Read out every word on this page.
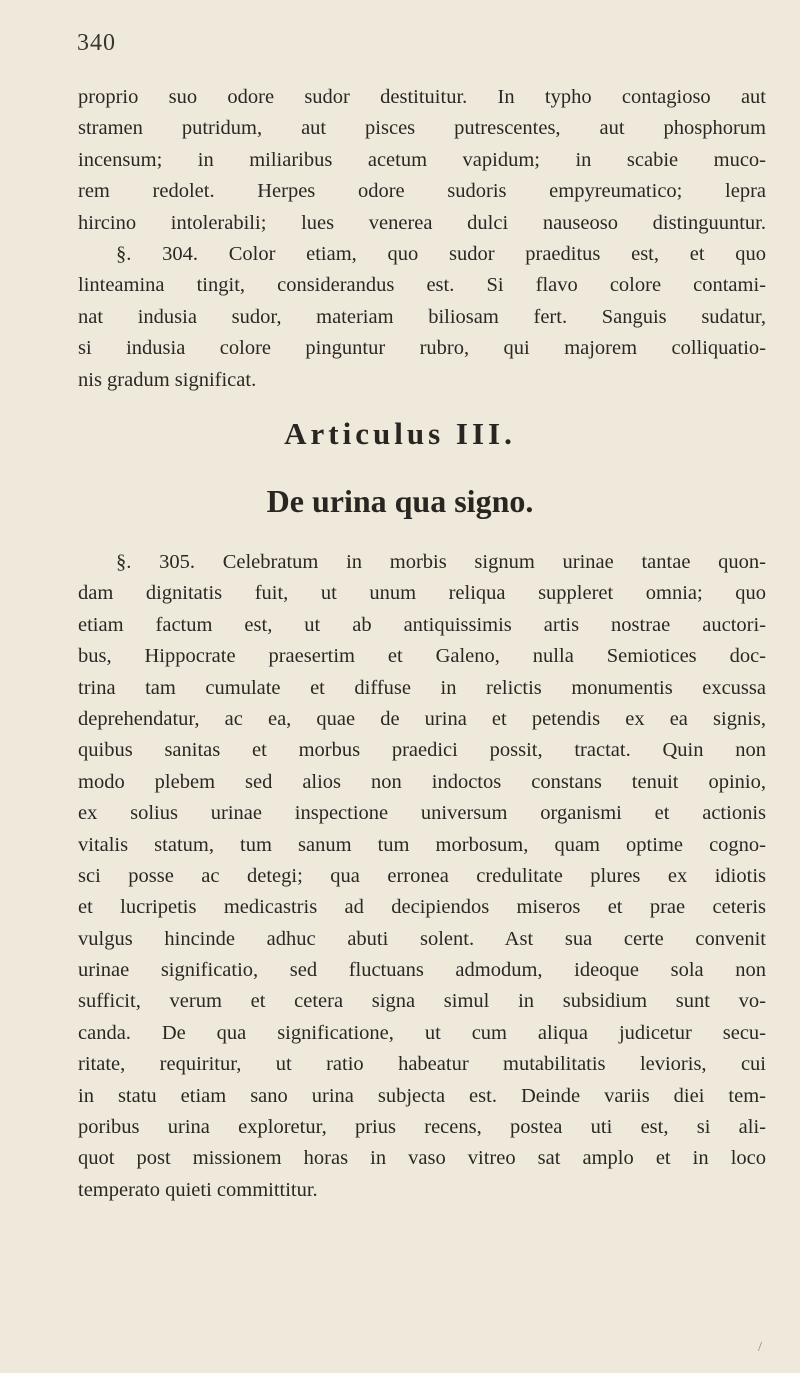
340
proprio suo odore sudor destituitur. In typho contagioso aut
stramen putridum, aut pisces putrescentes, aut phosphorum
incensum; in miliaribus acetum vapidum; in scabie muco-
rem redolet. Herpes odore sudoris empyreumatico; lepra
hircino intolerabili; lues venerea dulci nauseoso distinguuntur.
§. 304. Color etiam, quo sudor praeditus est, et quo
linteamina tingit, considerandus est. Si flavo colore contami-
nat indusia sudor, materiam biliosam fert. Sanguis sudatur,
si indusia colore pinguntur rubro, qui majorem colliquatio-
nis gradum significat.
Articulus III.
De urina qua signo.
§. 305. Celebratum in morbis signum urinae tantae quon-
dam dignitatis fuit, ut unum reliqua suppleret omnia; quo
etiam factum est, ut ab antiquissimis artis nostrae auctori-
bus, Hippocrate praesertim et Galeno, nulla Semiotices doc-
trina tam cumulate et diffuse in relictis monumentis excussa
deprehendatur, ac ea, quae de urina et petendis ex ea signis,
quibus sanitas et morbus praedici possit, tractat. Quin non
modo plebem sed alios non indoctos constans tenuit opinio,
ex solius urinae inspectione universum organismi et actionis
vitalis statum, tum sanum tum morbosum, quam optime cogno-
sci posse ac detegi; qua erronea credulitate plures ex idiotis
et lucripetis medicastris ad decipiendos miseros et prae ceteris
vulgus hincinde adhuc abuti solent. Ast sua certe convenit
urinae significatio, sed fluctuans admodum, ideoque sola non
sufficit, verum et cetera signa simul in subsidium sunt vo-
canda. De qua significatione, ut cum aliqua judicetur secu-
ritate, requiritur, ut ratio habeatur mutabilitatis levioris, cui
in statu etiam sano urina subjecta est. Deinde variis diei tem-
poribus urina exploretur, prius recens, postea uti est, si ali-
quot post missionem horas in vaso vitreo sat amplo et in loco
temperato quieti committitur.
/
